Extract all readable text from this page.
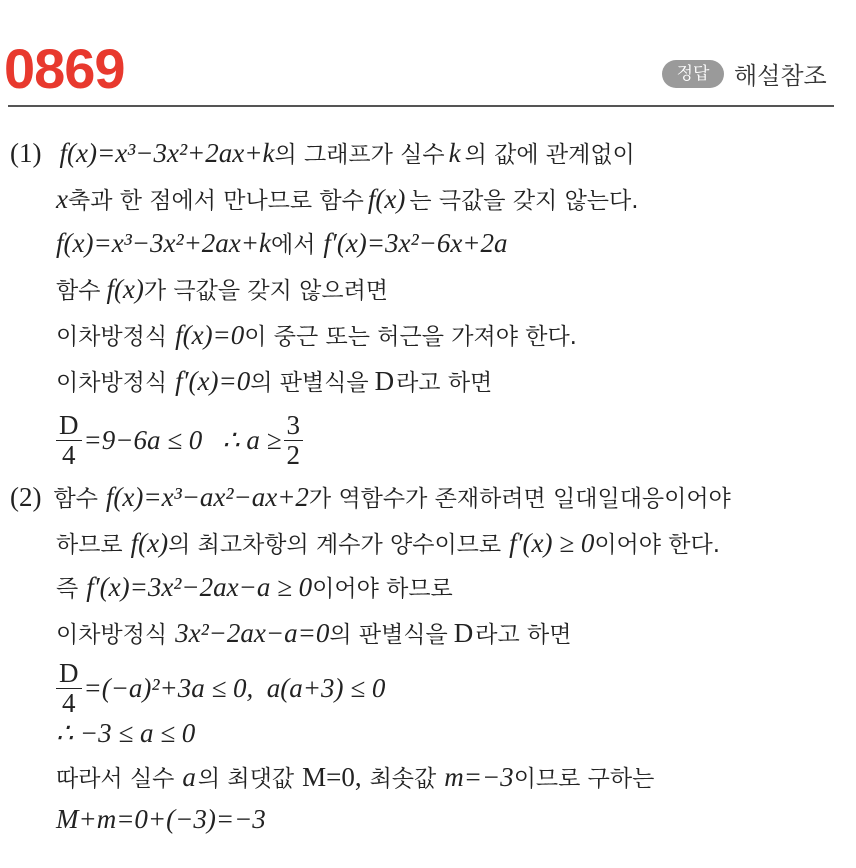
0869	정답	해설참조
(1) f(x)=x³−3x²+2ax+k 의 그래프가 실수 k 의 값에 관계없이
x 축과 한 점에서 만나므로 함수 f(x) 는 극값을 갖지 않는다.
f(x)=x³−3x²+2ax+k 에서 f′(x)=3x²−6x+2a
함수 f(x) 가 극값을 갖지 않으려면
이차방정식 f(x)=0 이 중근 또는 허근을 가져야 한다.
이차방정식 f′(x)=0 의 판별식을 D 라고 하면
$\frac{D}{4} =9-6a \le 0$   ∴ $a \ge \frac{3}{2}$
(2) 함수 f(x)=x³−ax²−ax+2 가 역함수가 존재하려면 일대일대응이어야
하므로 f(x) 의 최고차항의 계수가 양수이므로 f′(x) ≥ 0 이어야 한다.
즉 f′(x)=3x²−2ax−a ≥ 0 이어야 하므로
이차방정식 3x²−2ax−a=0 의 판별식을 D 라고 하면
$\frac{D}{4} =(-a)^2+3a \le 0$,  a(a+3) ≤ 0
∴ −3 ≤ a ≤ 0
따라서 실수 a 의 최댓값 M=0, 최솟값 m=−3 이므로 구하는
M+m=0+(−3)=−3
